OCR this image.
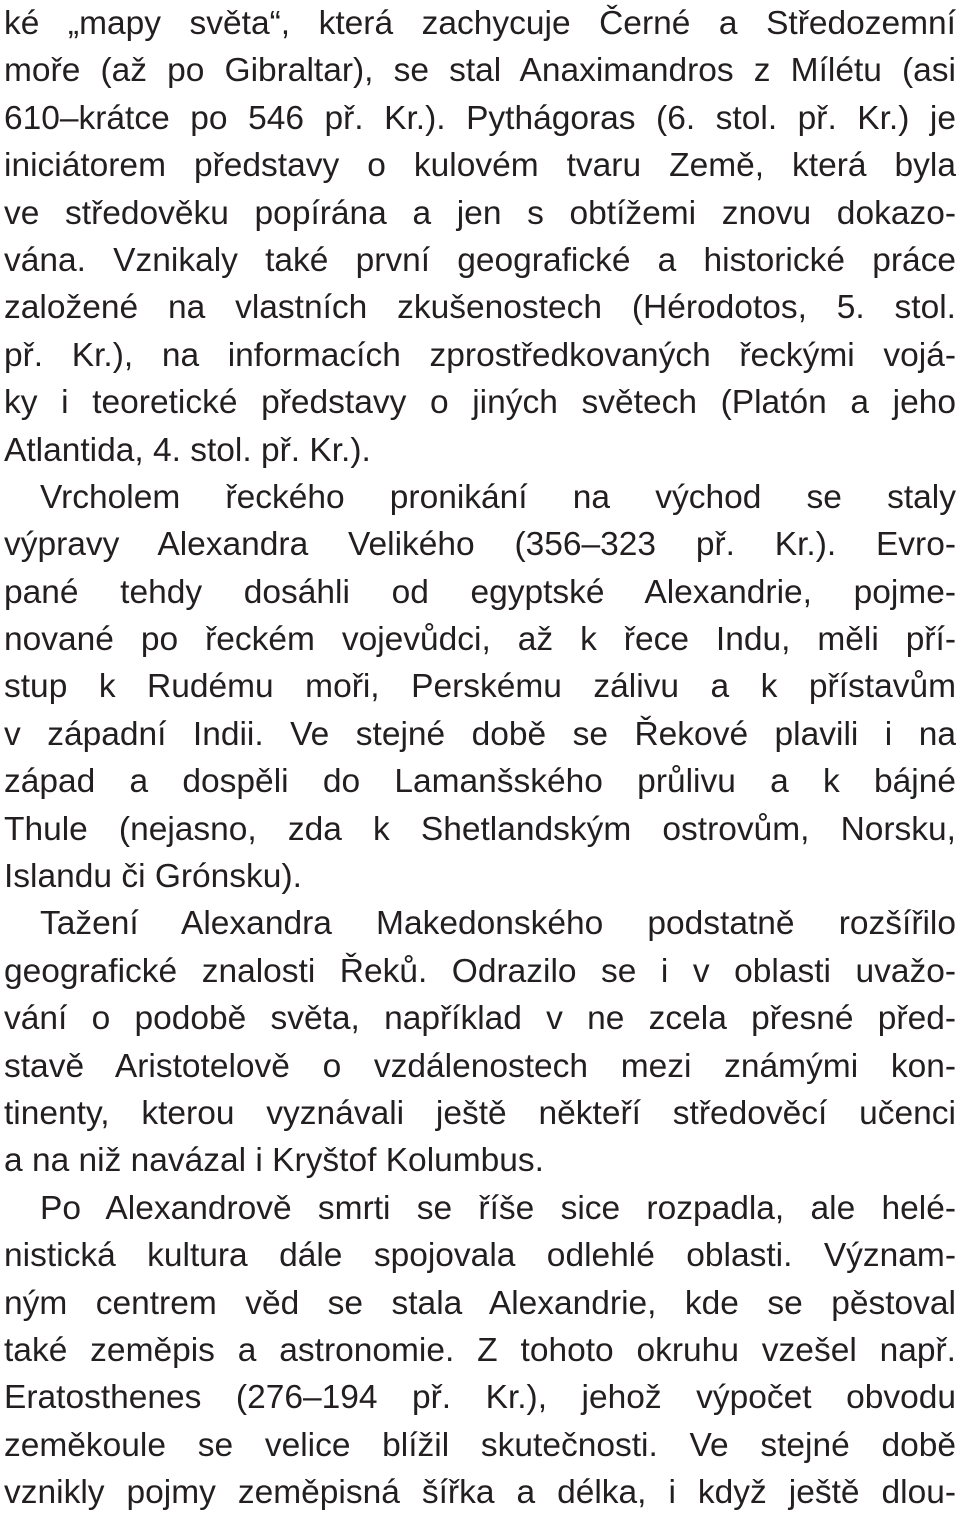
ké „mapy světa“, která zachycuje Černé a Středozemní
moře (až po Gibraltar), se stal Anaximandros z Mílétu (asi
610–krátce po 546 př. Kr.). Pythágoras (6. stol. př. Kr.) je
iniciátorem představy o kulovém tvaru Země, která byla
ve středověku popírána a jen s obtížemi znovu dokazo-
vána. Vznikaly také první geografické a historické práce
založené na vlastních zkušenostech (Hérodotos, 5. stol.
př. Kr.), na informacích zprostředkovaných řeckými vojá-
ky i teoretické představy o jiných světech (Platón a jeho
Atlantida, 4. stol. př. Kr.).
Vrcholem řeckého pronikání na východ se staly
výpravy Alexandra Velikého (356–323 př. Kr.). Evro-
pané tehdy dosáhli od egyptské Alexandrie, pojme-
nované po řeckém vojevůdci, až k řece Indu, měli pří-
stup k Rudému moři, Perskému zálivu a k přístavům
v západní Indii. Ve stejné době se Řekové plavili i na
západ a dospěli do Lamanšského průlivu a k bájné
Thule (nejasno, zda k Shetlandským ostrovům, Norsku,
Islandu či Grónsku).
Tažení Alexandra Makedonského podstatně rozšířilo
geografické znalosti Řeků. Odrazilo se i v oblasti uvažo-
vání o podobě světa, například v ne zcela přesné před-
stavě Aristotelově o vzdálenostech mezi známými kon-
tinenty, kterou vyznávali ještě někteří středověcí učenci
a na niž navázal i Kryštof Kolumbus.
Po Alexandrově smrti se říše sice rozpadla, ale helé-
nistická kultura dále spojovala odlehlé oblasti. Význam-
ným centrem věd se stala Alexandrie, kde se pěstoval
také zeměpis a astronomie. Z tohoto okruhu vzešel např.
Eratosthenes (276–194 př. Kr.), jehož výpočet obvodu
zeměkoule se velice blížil skutečnosti. Ve stejné době
vznikly pojmy zeměpisná šířka a délka, i když ještě dlou-
